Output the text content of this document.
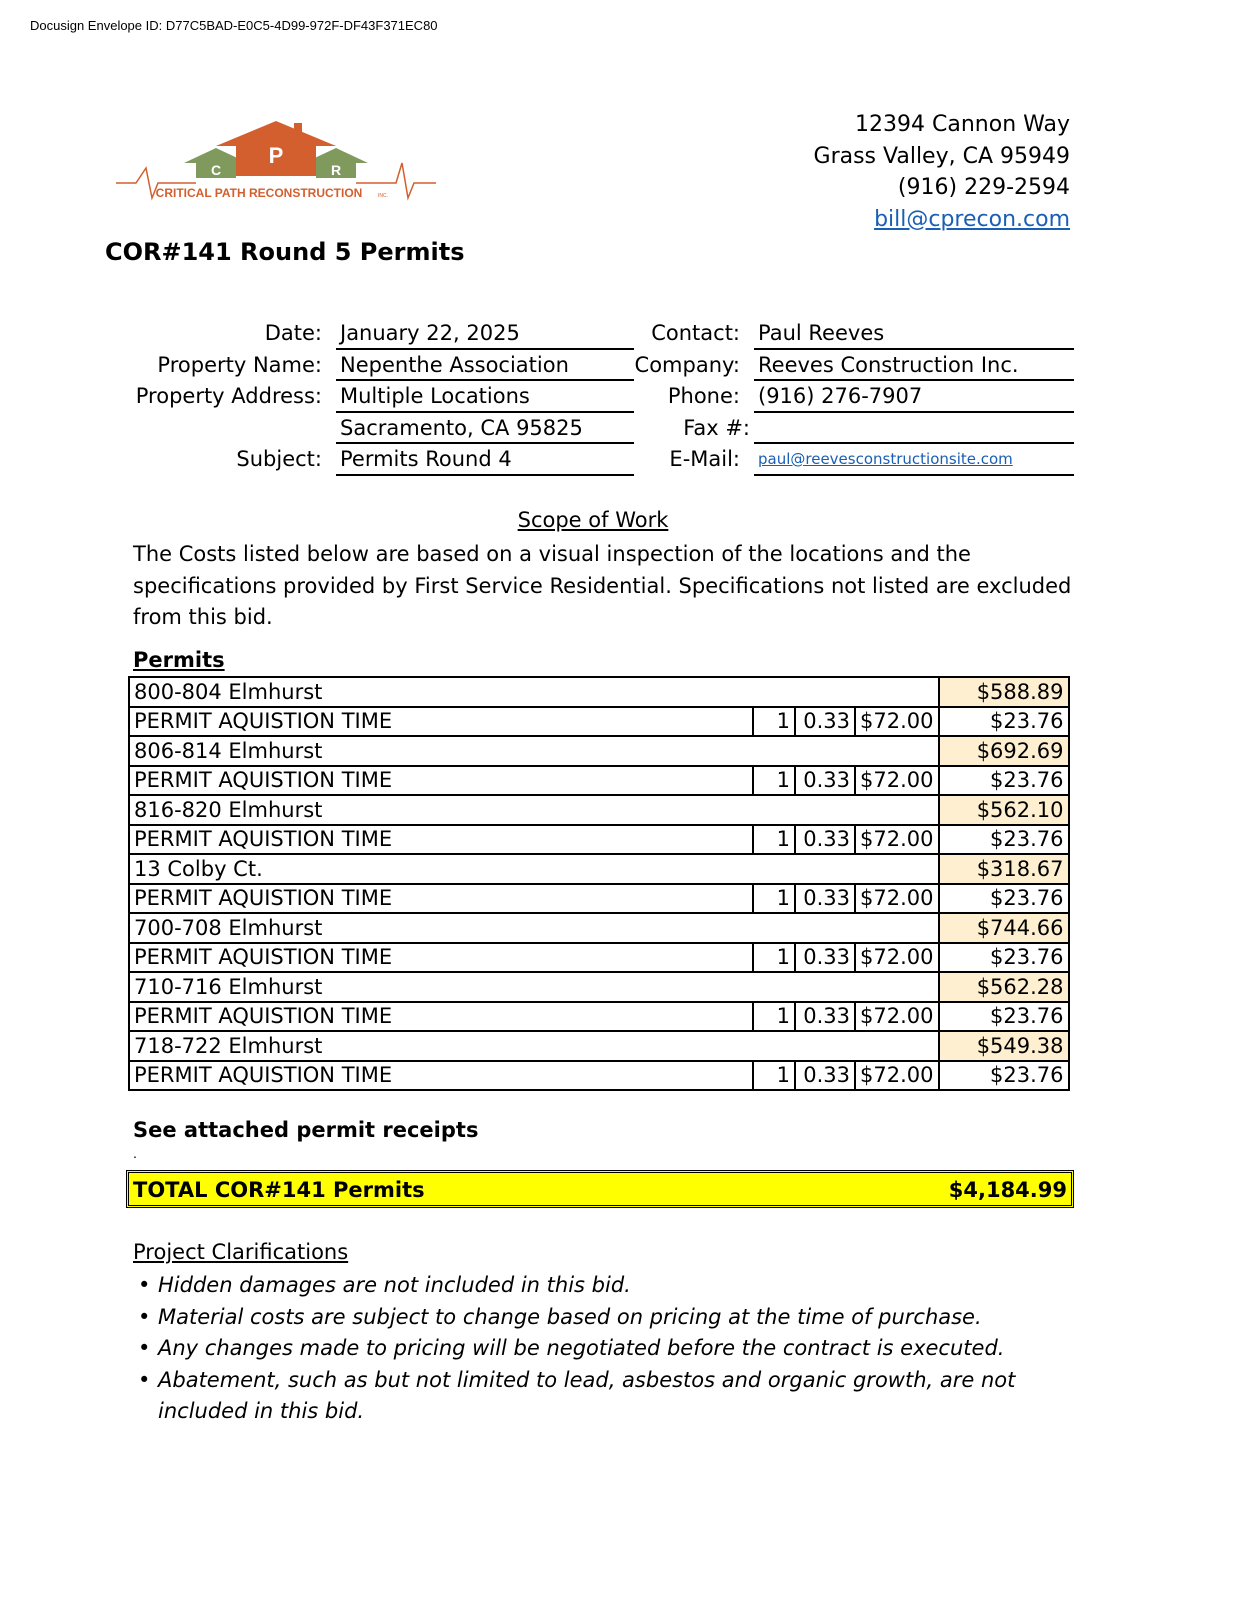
Docusign Envelope ID: D77C5BAD-E0C5-4D99-972F-DF43F371EC80
P
C	R
CRITICAL PATH RECONSTRUCTION	INC.
12394 Cannon Way
Grass Valley, CA 95949
(916) 229-2594
bill@cprecon.com
COR#141 Round 5 Permits
Date: January 22, 2025
Property Name: Nepenthe Association
Property Address: Multiple Locations
Sacramento, CA 95825
Subject: Permits Round 4
Contact: Paul Reeves
Company: Reeves Construction Inc.
Phone: (916) 276-7907
Fax #:
E-Mail: paul@reevesconstructionsite.com
Scope of Work
The Costs listed below are based on a visual inspection of the locations and the specifications provided by First Service Residential. Specifications not listed are excluded from this bid.
Permits
800-804 Elmhurst				$588.89
PERMIT AQUISTION TIME	1	0.33	$72.00	$23.76
806-814 Elmhurst				$692.69
PERMIT AQUISTION TIME	1	0.33	$72.00	$23.76
816-820 Elmhurst				$562.10
PERMIT AQUISTION TIME	1	0.33	$72.00	$23.76
13 Colby Ct.				$318.67
PERMIT AQUISTION TIME	1	0.33	$72.00	$23.76
700-708 Elmhurst				$744.66
PERMIT AQUISTION TIME	1	0.33	$72.00	$23.76
710-716 Elmhurst				$562.28
PERMIT AQUISTION TIME	1	0.33	$72.00	$23.76
718-722 Elmhurst				$549.38
PERMIT AQUISTION TIME	1	0.33	$72.00	$23.76
See attached permit receipts
.
TOTAL COR#141 Permits	$4,184.99
Project Clarifications
• Hidden damages are not included in this bid.
• Material costs are subject to change based on pricing at the time of purchase.
• Any changes made to pricing will be negotiated before the contract is executed.
• Abatement, such as but not limited to lead, asbestos and organic growth, are not included in this bid.
